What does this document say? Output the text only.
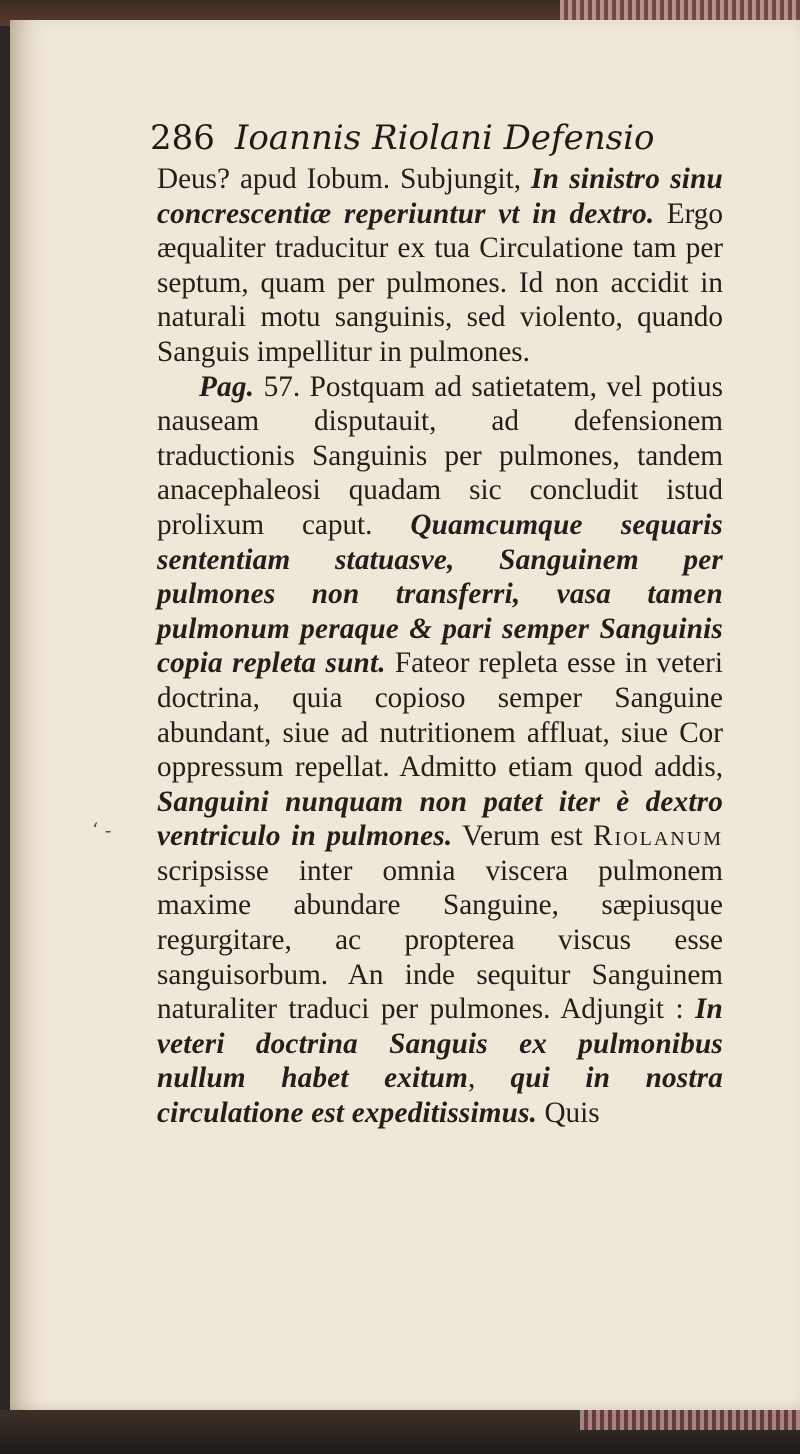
286 Ioannis Riolani Defensio
‘ -

Deus? apud Iobum. Subjungit, In sinistro sinu concrescentiæ reperiuntur vt in dextro. Ergo æqualiter traducitur ex tua Circulatione tam per septum, quam per pulmones. Id non accidit in naturali motu sanguinis, sed violento, quando Sanguis impellitur in pulmones.

Pag. 57. Postquam ad satietatem, vel potius nauseam disputauit, ad defensionem traductionis Sanguinis per pulmones, tandem anacephaleosi quadam sic concludit istud prolixum caput. Quamcumque sequaris sententiam statuasve, Sanguinem per pulmones non transferri, vasa tamen pulmonum peraque & pari semper Sanguinis copia repleta sunt. Fateor repleta esse in veteri doctrina, quia copioso semper Sanguine abundant, siue ad nutritionem affluat, siue Cor oppressum repellat. Admitto etiam quod addis, Sanguini nunquam non patet iter è dextro ventriculo in pulmones. Verum est Riolanum scripsisse inter omnia viscera pulmonem maxime abundare Sanguine, sæpiusque regurgitare, ac propterea viscus esse sanguisorbum. An inde sequitur Sanguinem naturaliter traduci per pulmones. Adjungit : In veteri doctrina Sanguis ex pulmonibus nullum habet exitum, qui in nostra circulatione est expeditissimus. Quis
